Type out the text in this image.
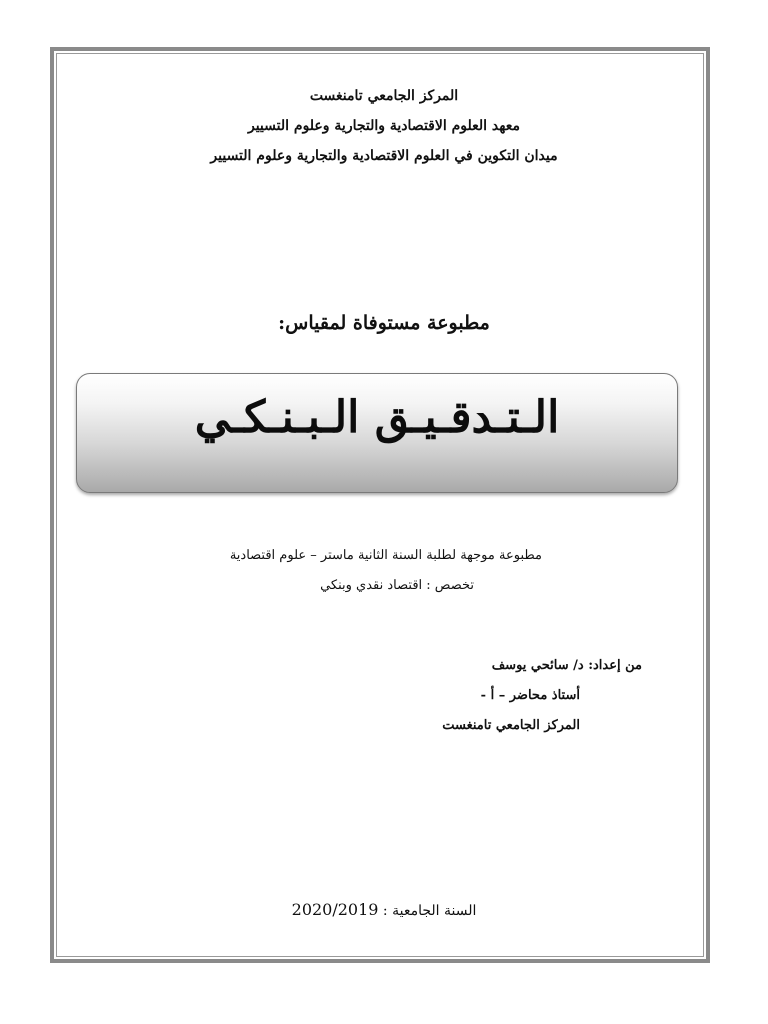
المركز الجامعي تامنغست
معهد العلوم الاقتصادية والتجارية وعلوم التسيير
ميدان التكوين في العلوم الاقتصادية والتجارية وعلوم التسيير
مطبوعة مستوفاة لمقياس:
الـتـدقـيـق الـبـنـكـي
مطبوعة موجهة لطلبة السنة الثانية ماستر – علوم اقتصادية
تخصص : اقتصاد نقدي وبنكي
من إعداد: د/ سائحي يوسف
أستاذ محاضر – أ -
المركز الجامعي تامنغست
السنة الجامعية : 2020/2019
